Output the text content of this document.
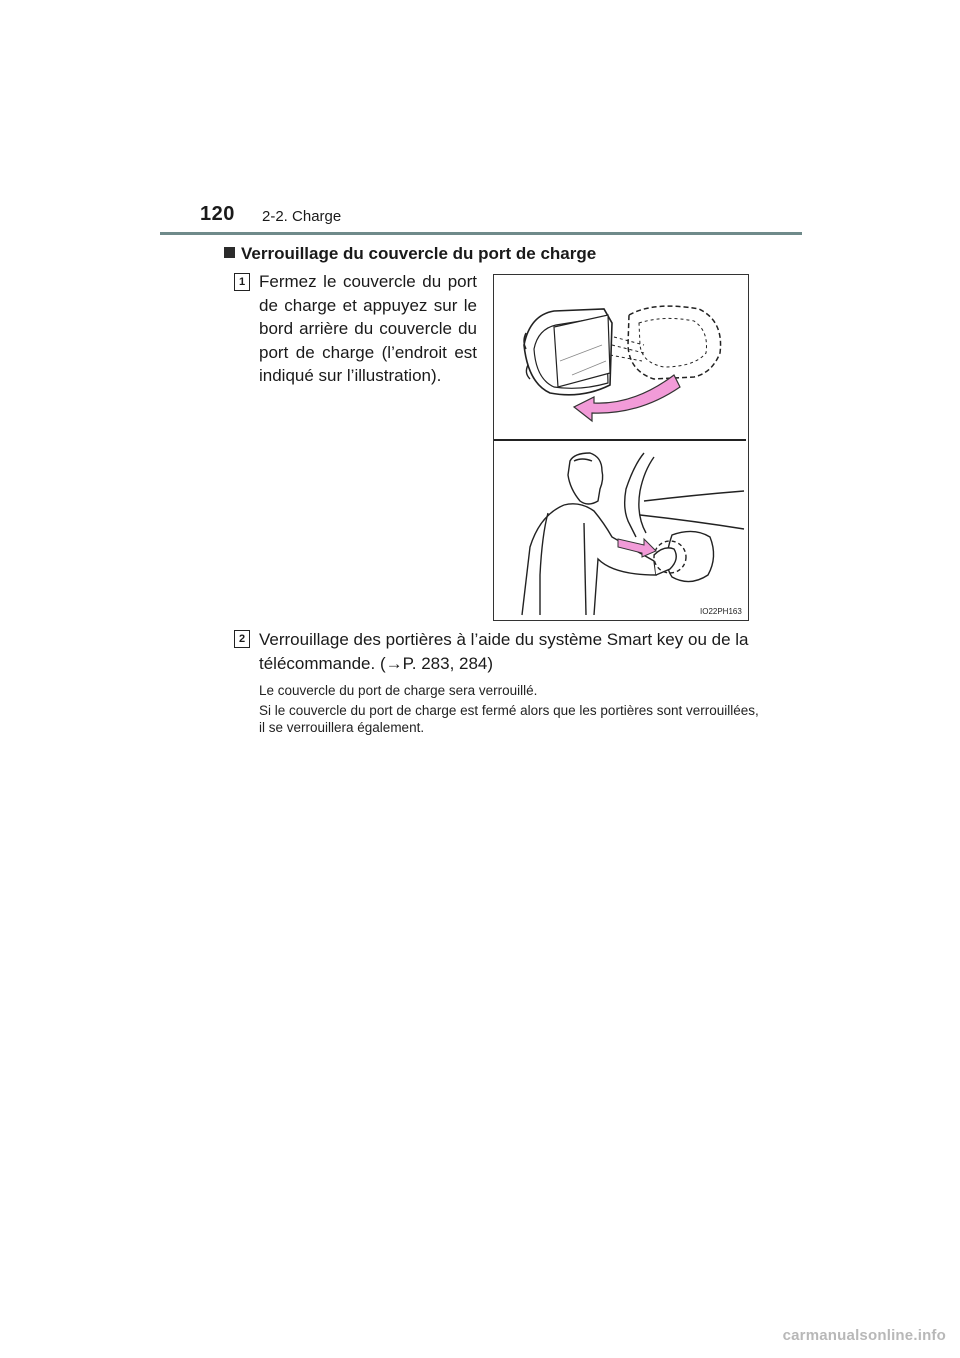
120 2-2. Charge
Verrouillage du couvercle du port de charge
1 Fermez le couvercle du port de charge et appuyez sur le bord arrière du couvercle du port de charge (l’endroit est indiqué sur l’illustration).
IO22PH163
2 Verrouillage des portières à l’aide du système Smart key ou de la télécommande. (→P. 283, 284)
Le couvercle du port de charge sera verrouillé.
Si le couvercle du port de charge est fermé alors que les portières sont verrouillées, il se verrouillera également.
carmanualsonline.info
